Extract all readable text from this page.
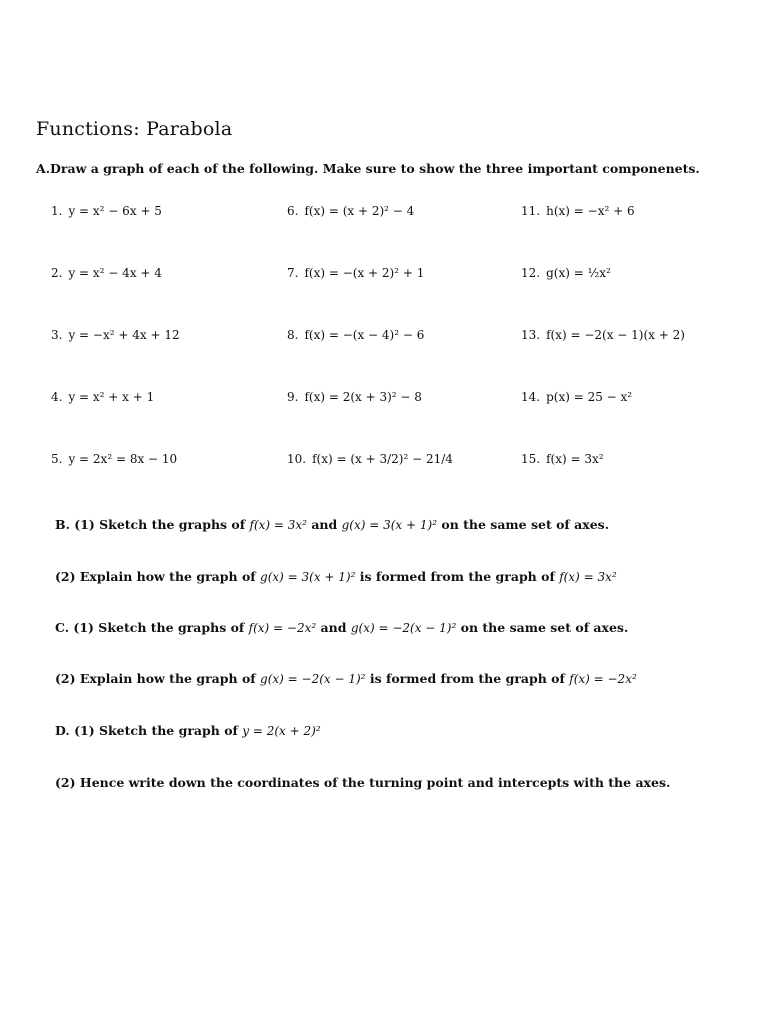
Functions: Parabola
A.Draw a graph of each of the following. Make sure to show the three important componenets.
1. y = x² − 6x + 5
2. y = x² − 4x + 4
3. y = −x² + 4x + 12
4. y = x² + x + 1
5. y = 2x² = 8x − 10
6. f(x) = (x + 2)² − 4
7. f(x) = −(x + 2)² + 1
8. f(x) = −(x − 4)² − 6
9. f(x) = 2(x + 3)² − 8
10. f(x) = (x + 3/2)² − 21/4
11. h(x) = −x² + 6
12. g(x) = ½x²
13. f(x) = −2(x − 1)(x + 2)
14. p(x) = 25 − x²
15. f(x) = 3x²
B. (1) Sketch the graphs of f(x) = 3x² and g(x) = 3(x + 1)² on the same set of axes.
(2) Explain how the graph of g(x) = 3(x + 1)² is formed from the graph of f(x) = 3x²
C. (1) Sketch the graphs of f(x) = −2x² and g(x) = −2(x − 1)² on the same set of axes.
(2) Explain how the graph of g(x) = −2(x − 1)² is formed from the graph of f(x) = −2x²
D. (1) Sketch the graph of y = 2(x + 2)²
(2) Hence write down the coordinates of the turning point and intercepts with the axes.
